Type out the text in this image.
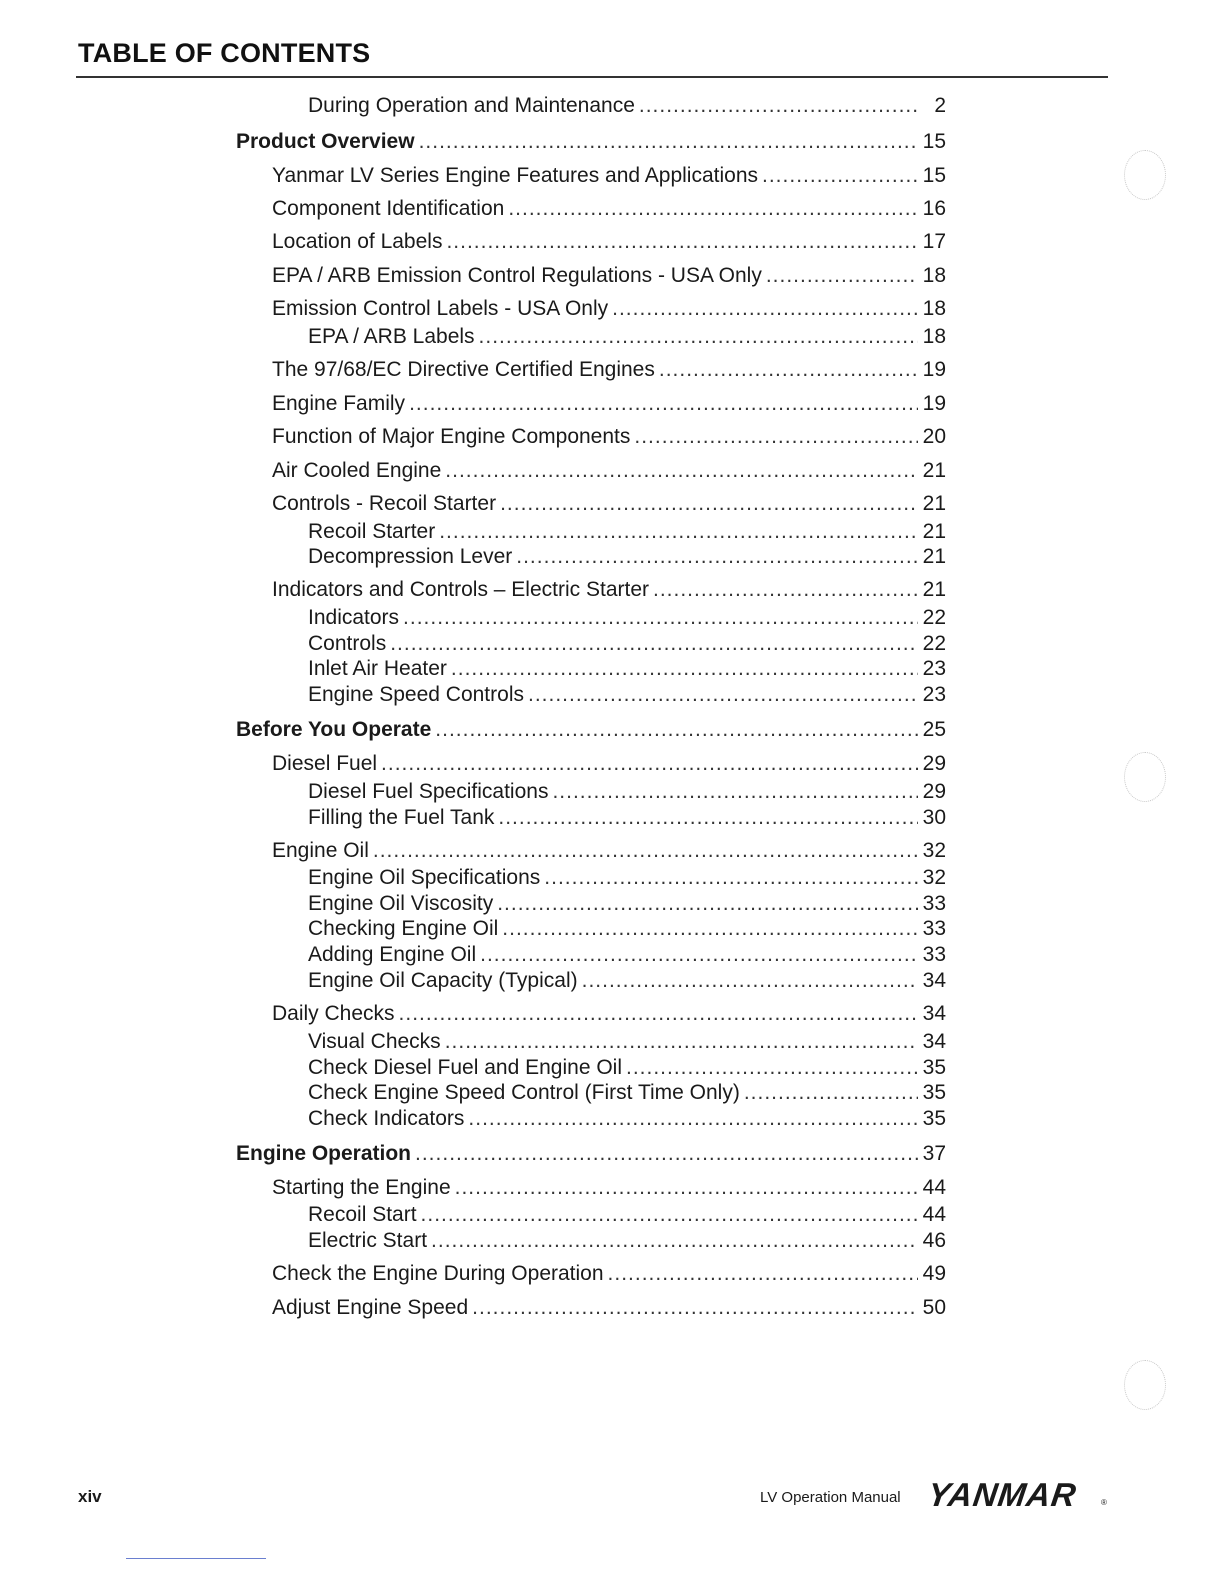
TABLE OF CONTENTS
During Operation and Maintenance .....	2
Product Overview .....	15
Yanmar LV Series Engine Features and Applications .....	15
Component Identification .....	16
Location of Labels .....	17
EPA / ARB Emission Control Regulations - USA Only .....	18
Emission Control Labels - USA Only .....	18
EPA / ARB Labels .....	18
The 97/68/EC Directive Certified Engines .....	19
Engine Family .....	19
Function of Major Engine Components .....	20
Air Cooled Engine .....	21
Controls - Recoil Starter .....	21
Recoil Starter .....	21
Decompression Lever .....	21
Indicators and Controls – Electric Starter .....	21
Indicators .....	22
Controls .....	22
Inlet Air Heater .....	23
Engine Speed Controls .....	23
Before You Operate .....	25
Diesel Fuel .....	29
Diesel Fuel Specifications .....	29
Filling the Fuel Tank .....	30
Engine Oil .....	32
Engine Oil Specifications .....	32
Engine Oil Viscosity .....	33
Checking Engine Oil .....	33
Adding Engine Oil .....	33
Engine Oil Capacity (Typical) .....	34
Daily Checks .....	34
Visual Checks .....	34
Check Diesel Fuel and Engine Oil .....	35
Check Engine Speed Control (First Time Only) .....	35
Check Indicators .....	35
Engine Operation .....	37
Starting the Engine .....	44
Recoil Start .....	44
Electric Start .....	46
Check the Engine During Operation .....	49
Adjust Engine Speed .....	50
xiv	LV Operation Manual YANMAR	®
